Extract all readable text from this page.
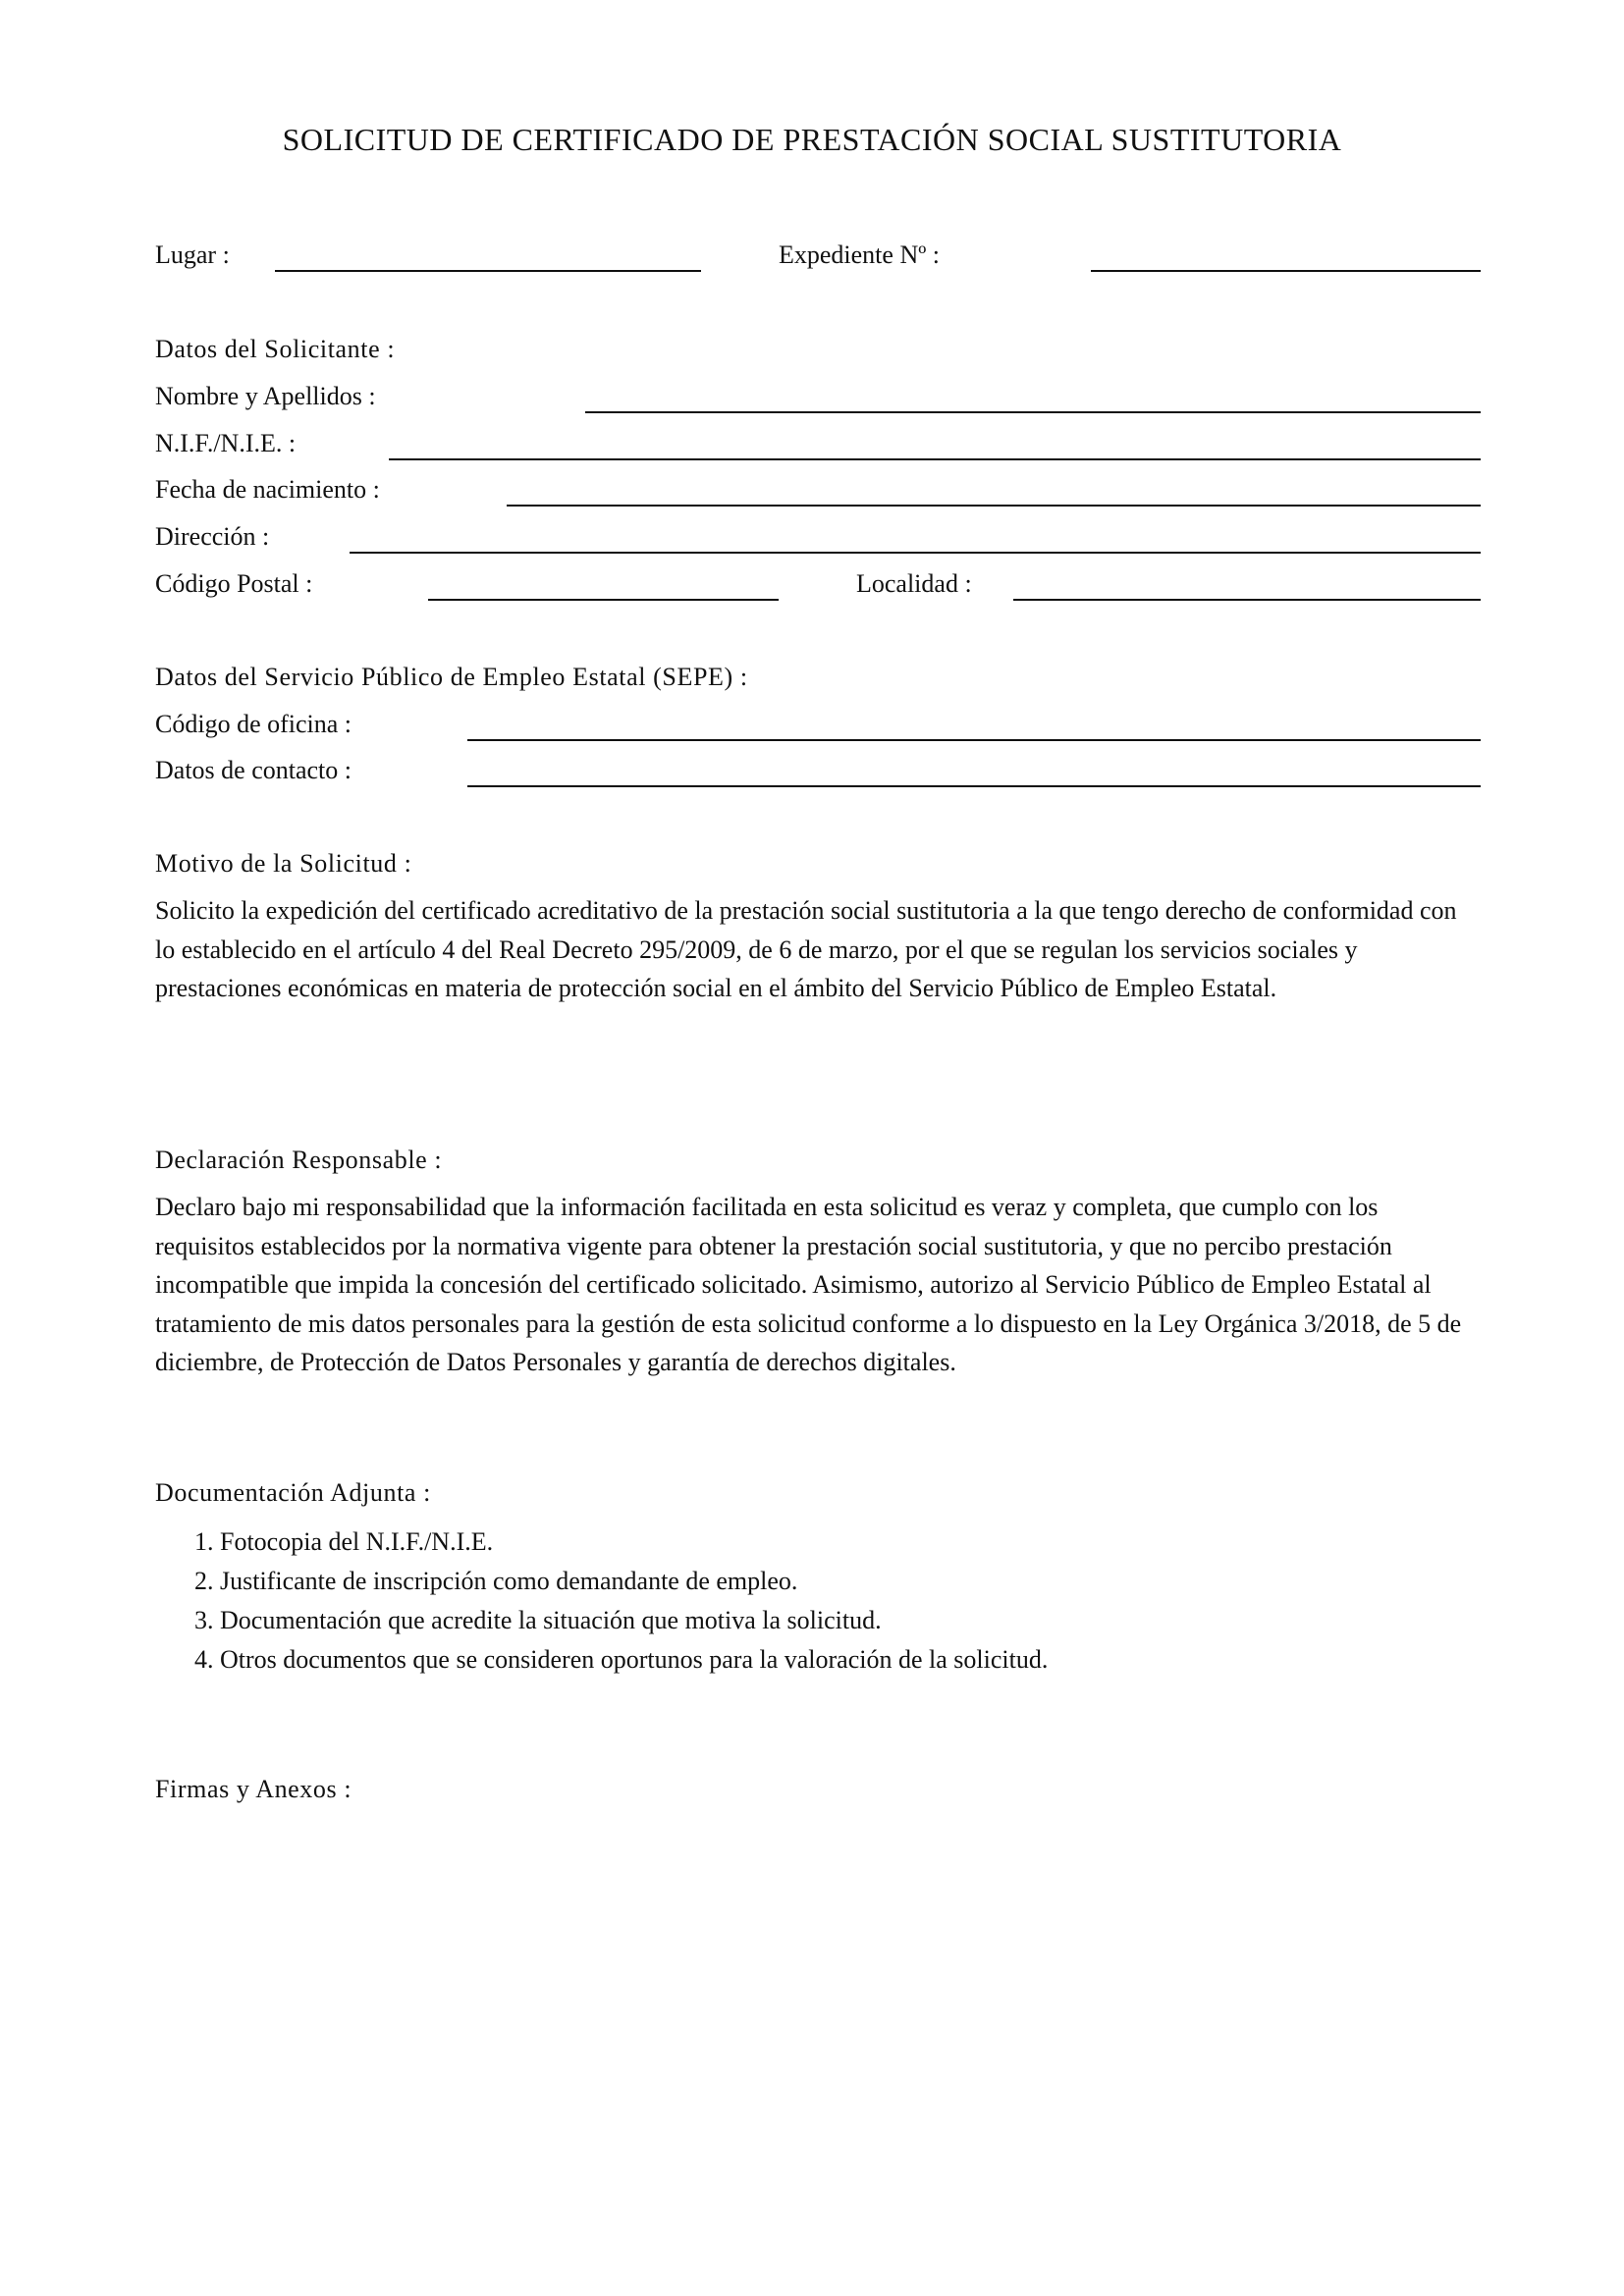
SOLICITUD DE CERTIFICADO DE PRESTACIÓN SOCIAL SUSTITUTORIA
Lugar :	Expediente Nº :
Datos del Solicitante :
Nombre y Apellidos :
N.I.F./N.I.E. :
Fecha de nacimiento :
Dirección :
Código Postal :	Localidad :
Datos del Servicio Público de Empleo Estatal (SEPE) :
Código de oficina :
Datos de contacto :
Motivo de la Solicitud :
Solicito la expedición del certificado acreditativo de la prestación social sustitutoria a la que tengo derecho de conformidad con lo establecido en el artículo 4 del Real Decreto 295/2009, de 6 de marzo, por el que se regulan los servicios sociales y prestaciones económicas en materia de protección social en el ámbito del Servicio Público de Empleo Estatal.
Declaración Responsable :
Declaro bajo mi responsabilidad que la información facilitada en esta solicitud es veraz y completa, que cumplo con los requisitos establecidos por la normativa vigente para obtener la prestación social sustitutoria, y que no percibo prestación incompatible que impida la concesión del certificado solicitado. Asimismo, autorizo al Servicio Público de Empleo Estatal al tratamiento de mis datos personales para la gestión de esta solicitud conforme a lo dispuesto en la Ley Orgánica 3/2018, de 5 de diciembre, de Protección de Datos Personales y garantía de derechos digitales.
Documentación Adjunta :
1. Fotocopia del N.I.F./N.I.E.
2. Justificante de inscripción como demandante de empleo.
3. Documentación que acredite la situación que motiva la solicitud.
4. Otros documentos que se consideren oportunos para la valoración de la solicitud.
Firmas y Anexos :
